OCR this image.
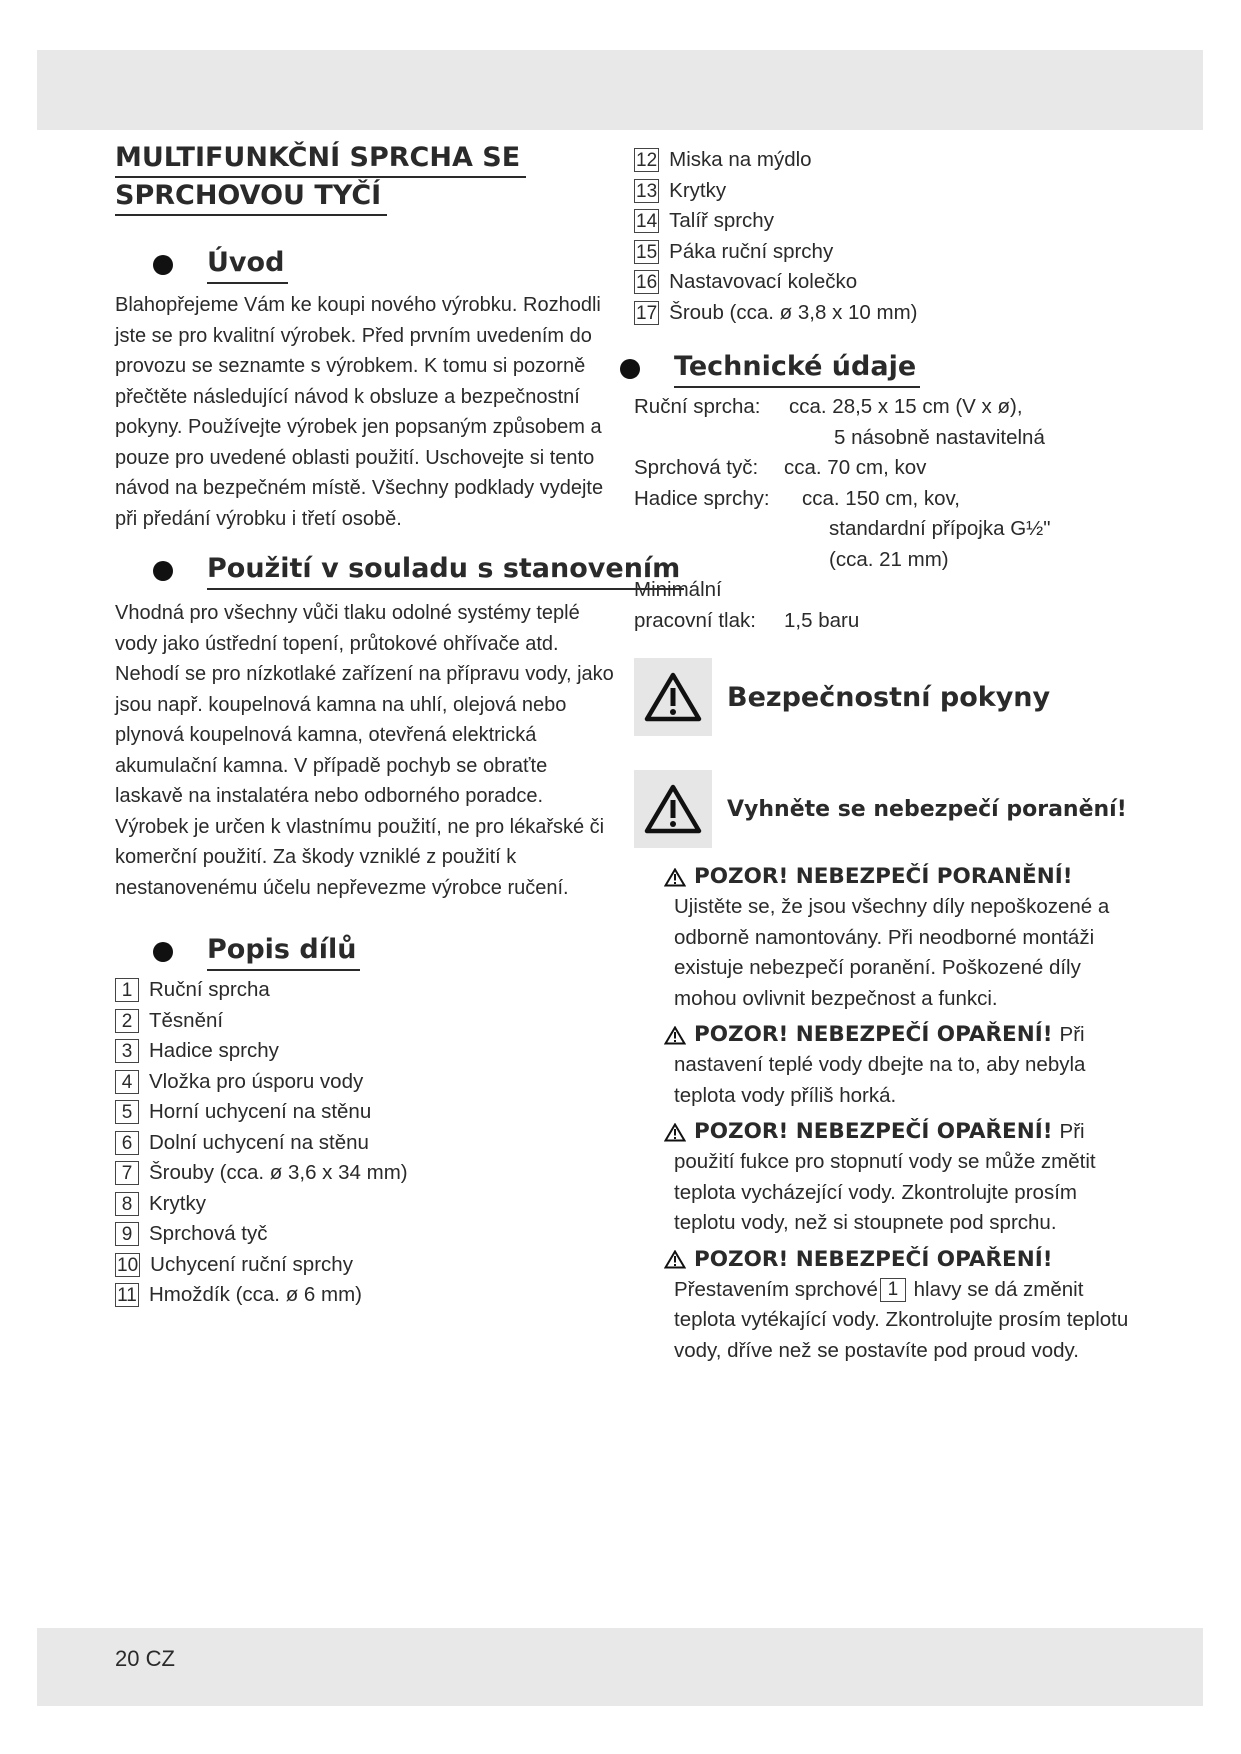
MULTIFUNKČNÍ SPRCHA SE
SPRCHOVOU TYČÍ
Úvod

Blahopřejeme Vám ke koupi nového výrobku. Rozhodli jste se pro kvalitní výrobek. Před prvním uvedením do provozu se seznamte s výrobkem. K tomu si pozorně přečtěte následující návod k obsluze a bezpečnostní pokyny. Používejte výrobek jen popsaným způsobem a pouze pro uvedené oblasti použití. Uschovejte si tento návod na bezpečném místě. Všechny podklady vydejte při předání výrobku i třetí osobě.

Použití v souladu s stanovením

Vhodná pro všechny vůči tlaku odolné systémy teplé vody jako ústřední topení, průtokové ohřívače atd. Nehodí se pro nízkotlaké zařízení na přípravu vody, jako jsou např. koupelnová kamna na uhlí, olejová nebo plynová koupelnová kamna, otevřená elektrická akumulační kamna. V případě pochyb se obraťte laskavě na instalatéra nebo odborného poradce. Výrobek je určen k vlastnímu použití, ne pro lékařské či komerční použití. Za škody vzniklé z použití k nestanovenému účelu nepřevezme výrobce ručení.

Popis dílů
1 Ruční sprcha
2 Těsnění
3 Hadice sprchy
4 Vložka pro úsporu vody
5 Horní uchycení na stěnu
6 Dolní uchycení na stěnu
7 Šrouby (cca. ø 3,6 x 34 mm)
8 Krytky
9 Sprchová tyč
10 Uchycení ruční sprchy
11 Hmoždík (cca. ø 6 mm)
12 Miska na mýdlo
13 Krytky
14 Talíř sprchy
15 Páka ruční sprchy
16 Nastavovací kolečko
17 Šroub (cca. ø 3,8 x 10 mm)
Technické údaje
Ruční sprcha:	cca. 28,5 x 15 cm (V x ø),
5 násobně nastavitelná
Sprchová tyč:	cca. 70 cm, kov
Hadice sprchy:	cca. 150 cm, kov,
standardní přípojka G½"
(cca. 21 mm)
Minimální
pracovní tlak:	1,5 baru
Bezpečnostní pokyny
Vyhněte se nebezpečí poranění!
POZOR! NEBEZPEČÍ PORANĚNÍ!

Ujistěte se, že jsou všechny díly nepoškozené a odborně namontovány. Při neodborné montáži existuje nebezpečí poranění. Poškozené díly mohou ovlivnit bezpečnost a funkci.

POZOR! NEBEZPEČÍ OPAŘENÍ! Při

nastavení teplé vody dbejte na to, aby nebyla teplota vody příliš horká.

POZOR! NEBEZPEČÍ OPAŘENÍ! Při

použití fukce pro stopnutí vody se může změtit teplota vycházející vody. Zkontrolujte prosím teplotu vody, než si stoupnete pod sprchu.

POZOR! NEBEZPEČÍ OPAŘENÍ!

Přestavením sprchové 1 hlavy se dá změnit teplota vytékající vody. Zkontrolujte prosím teplotu vody, dříve než se postavíte pod proud vody.

20 CZ
